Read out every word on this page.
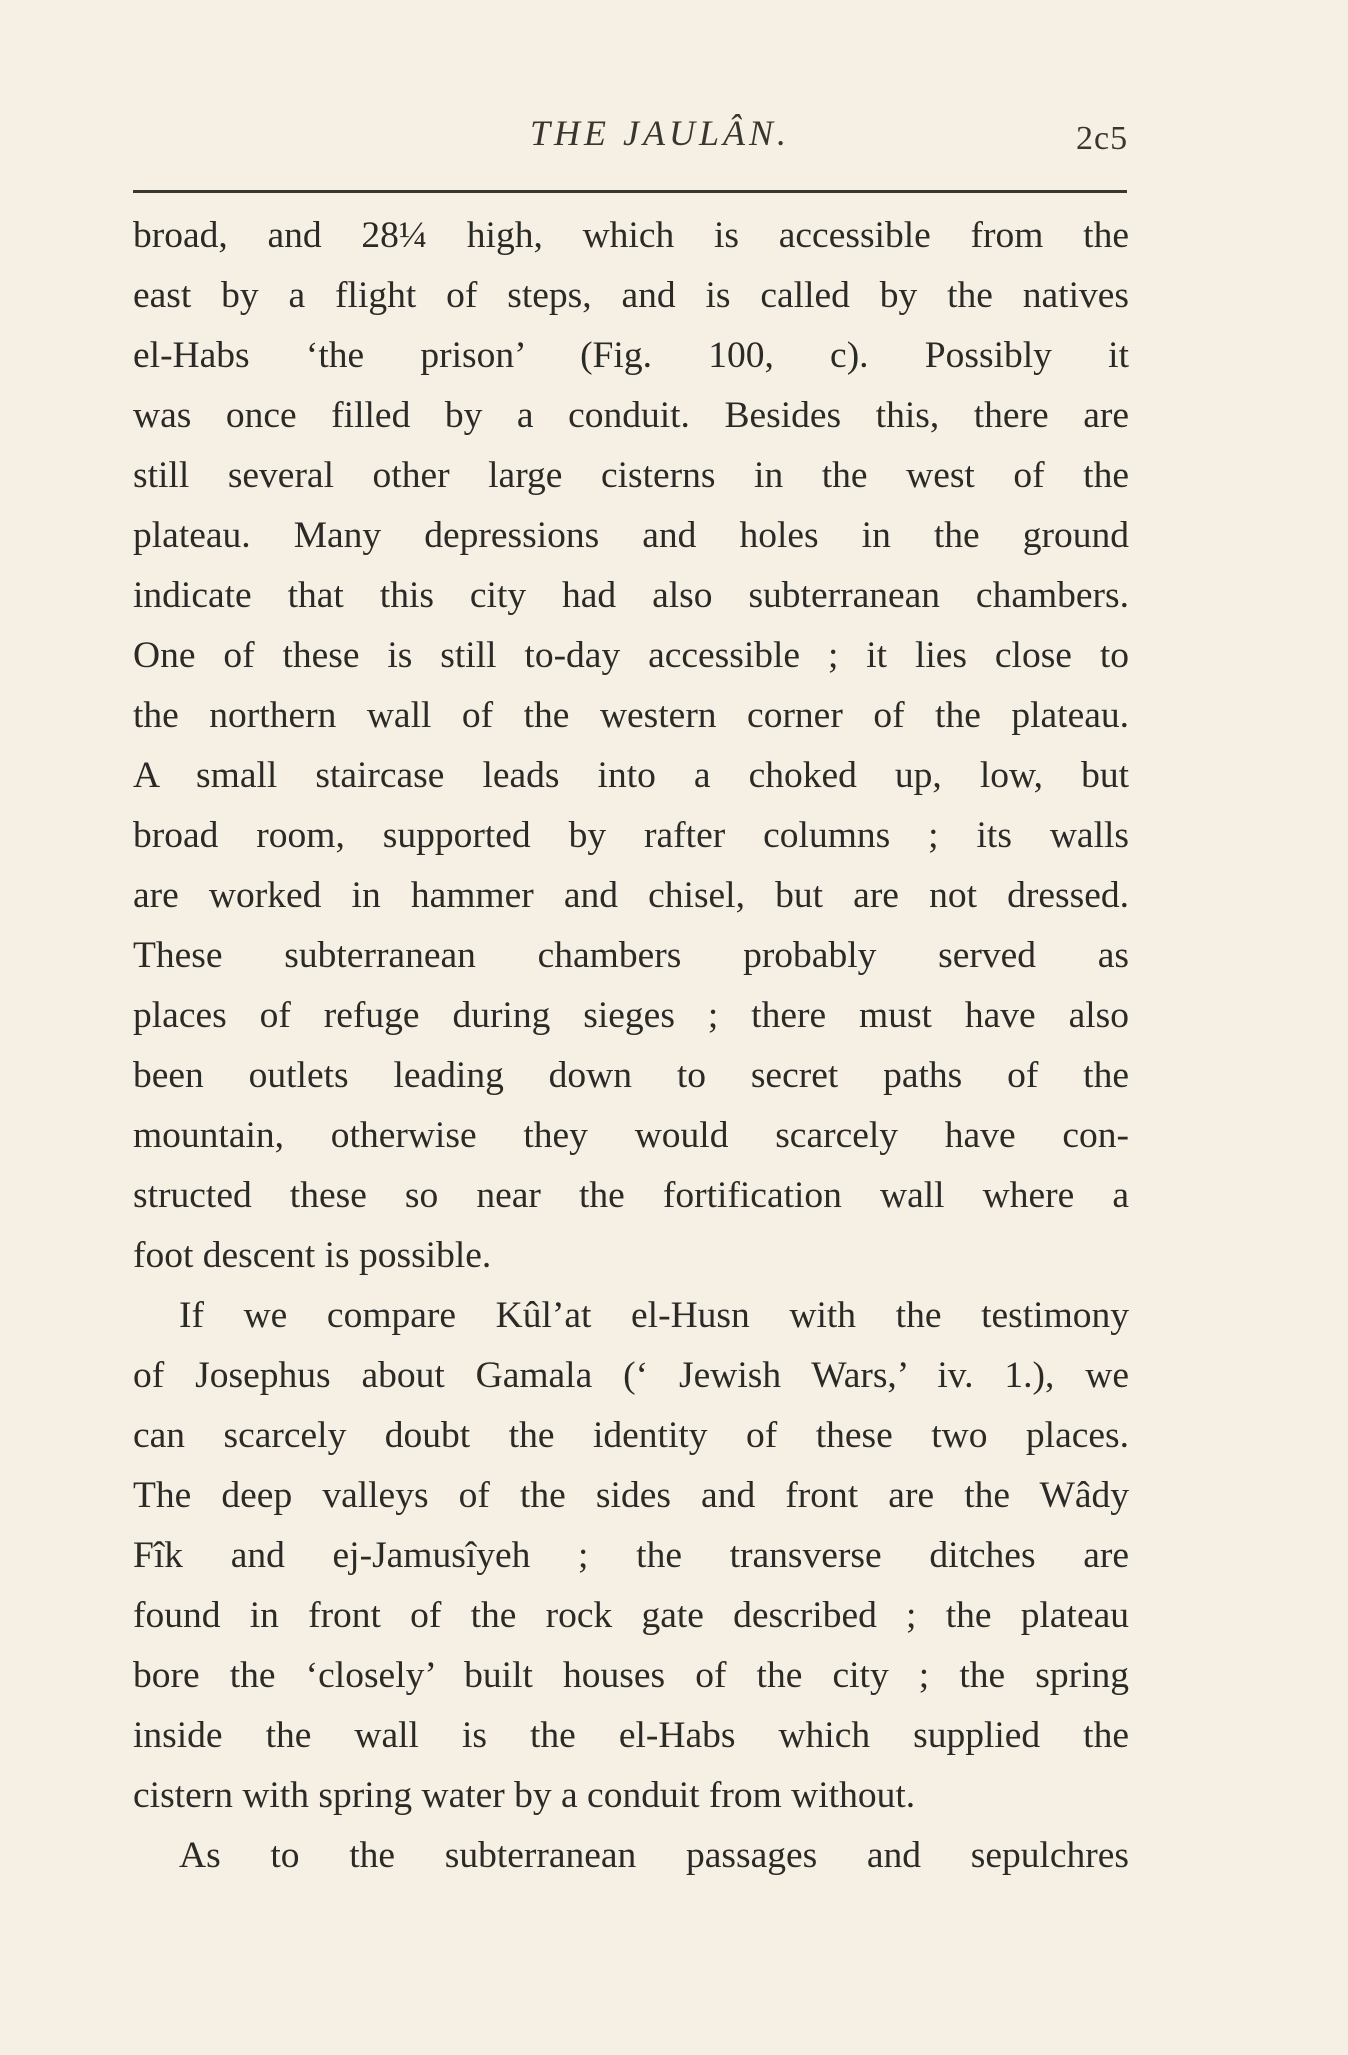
THE JAULÂN.	2c5
broad, and 28¼ high, which is accessible from the
east by a flight of steps, and is called by the natives
el-Habs ‘the prison’ (Fig. 100, c). Possibly it
was once filled by a conduit. Besides this, there are
still several other large cisterns in the west of the
plateau. Many depressions and holes in the ground
indicate that this city had also subterranean chambers.
One of these is still to-day accessible ; it lies close to
the northern wall of the western corner of the plateau.
A small staircase leads into a choked up, low, but
broad room, supported by rafter columns ; its walls
are worked in hammer and chisel, but are not dressed.
These subterranean chambers probably served as
places of refuge during sieges ; there must have also
been outlets leading down to secret paths of the
mountain, otherwise they would scarcely have con-
structed these so near the fortification wall where a
foot descent is possible.
If we compare Kûl’at el-Husn with the testimony
of Josephus about Gamala (‘ Jewish Wars,’ iv. 1.), we
can scarcely doubt the identity of these two places.
The deep valleys of the sides and front are the Wâdy
Fîk and ej-Jamusîyeh ; the transverse ditches are
found in front of the rock gate described ; the plateau
bore the ‘closely’ built houses of the city ; the spring
inside the wall is the el-Habs which supplied the
cistern with spring water by a conduit from without.
As to the subterranean passages and sepulchres
